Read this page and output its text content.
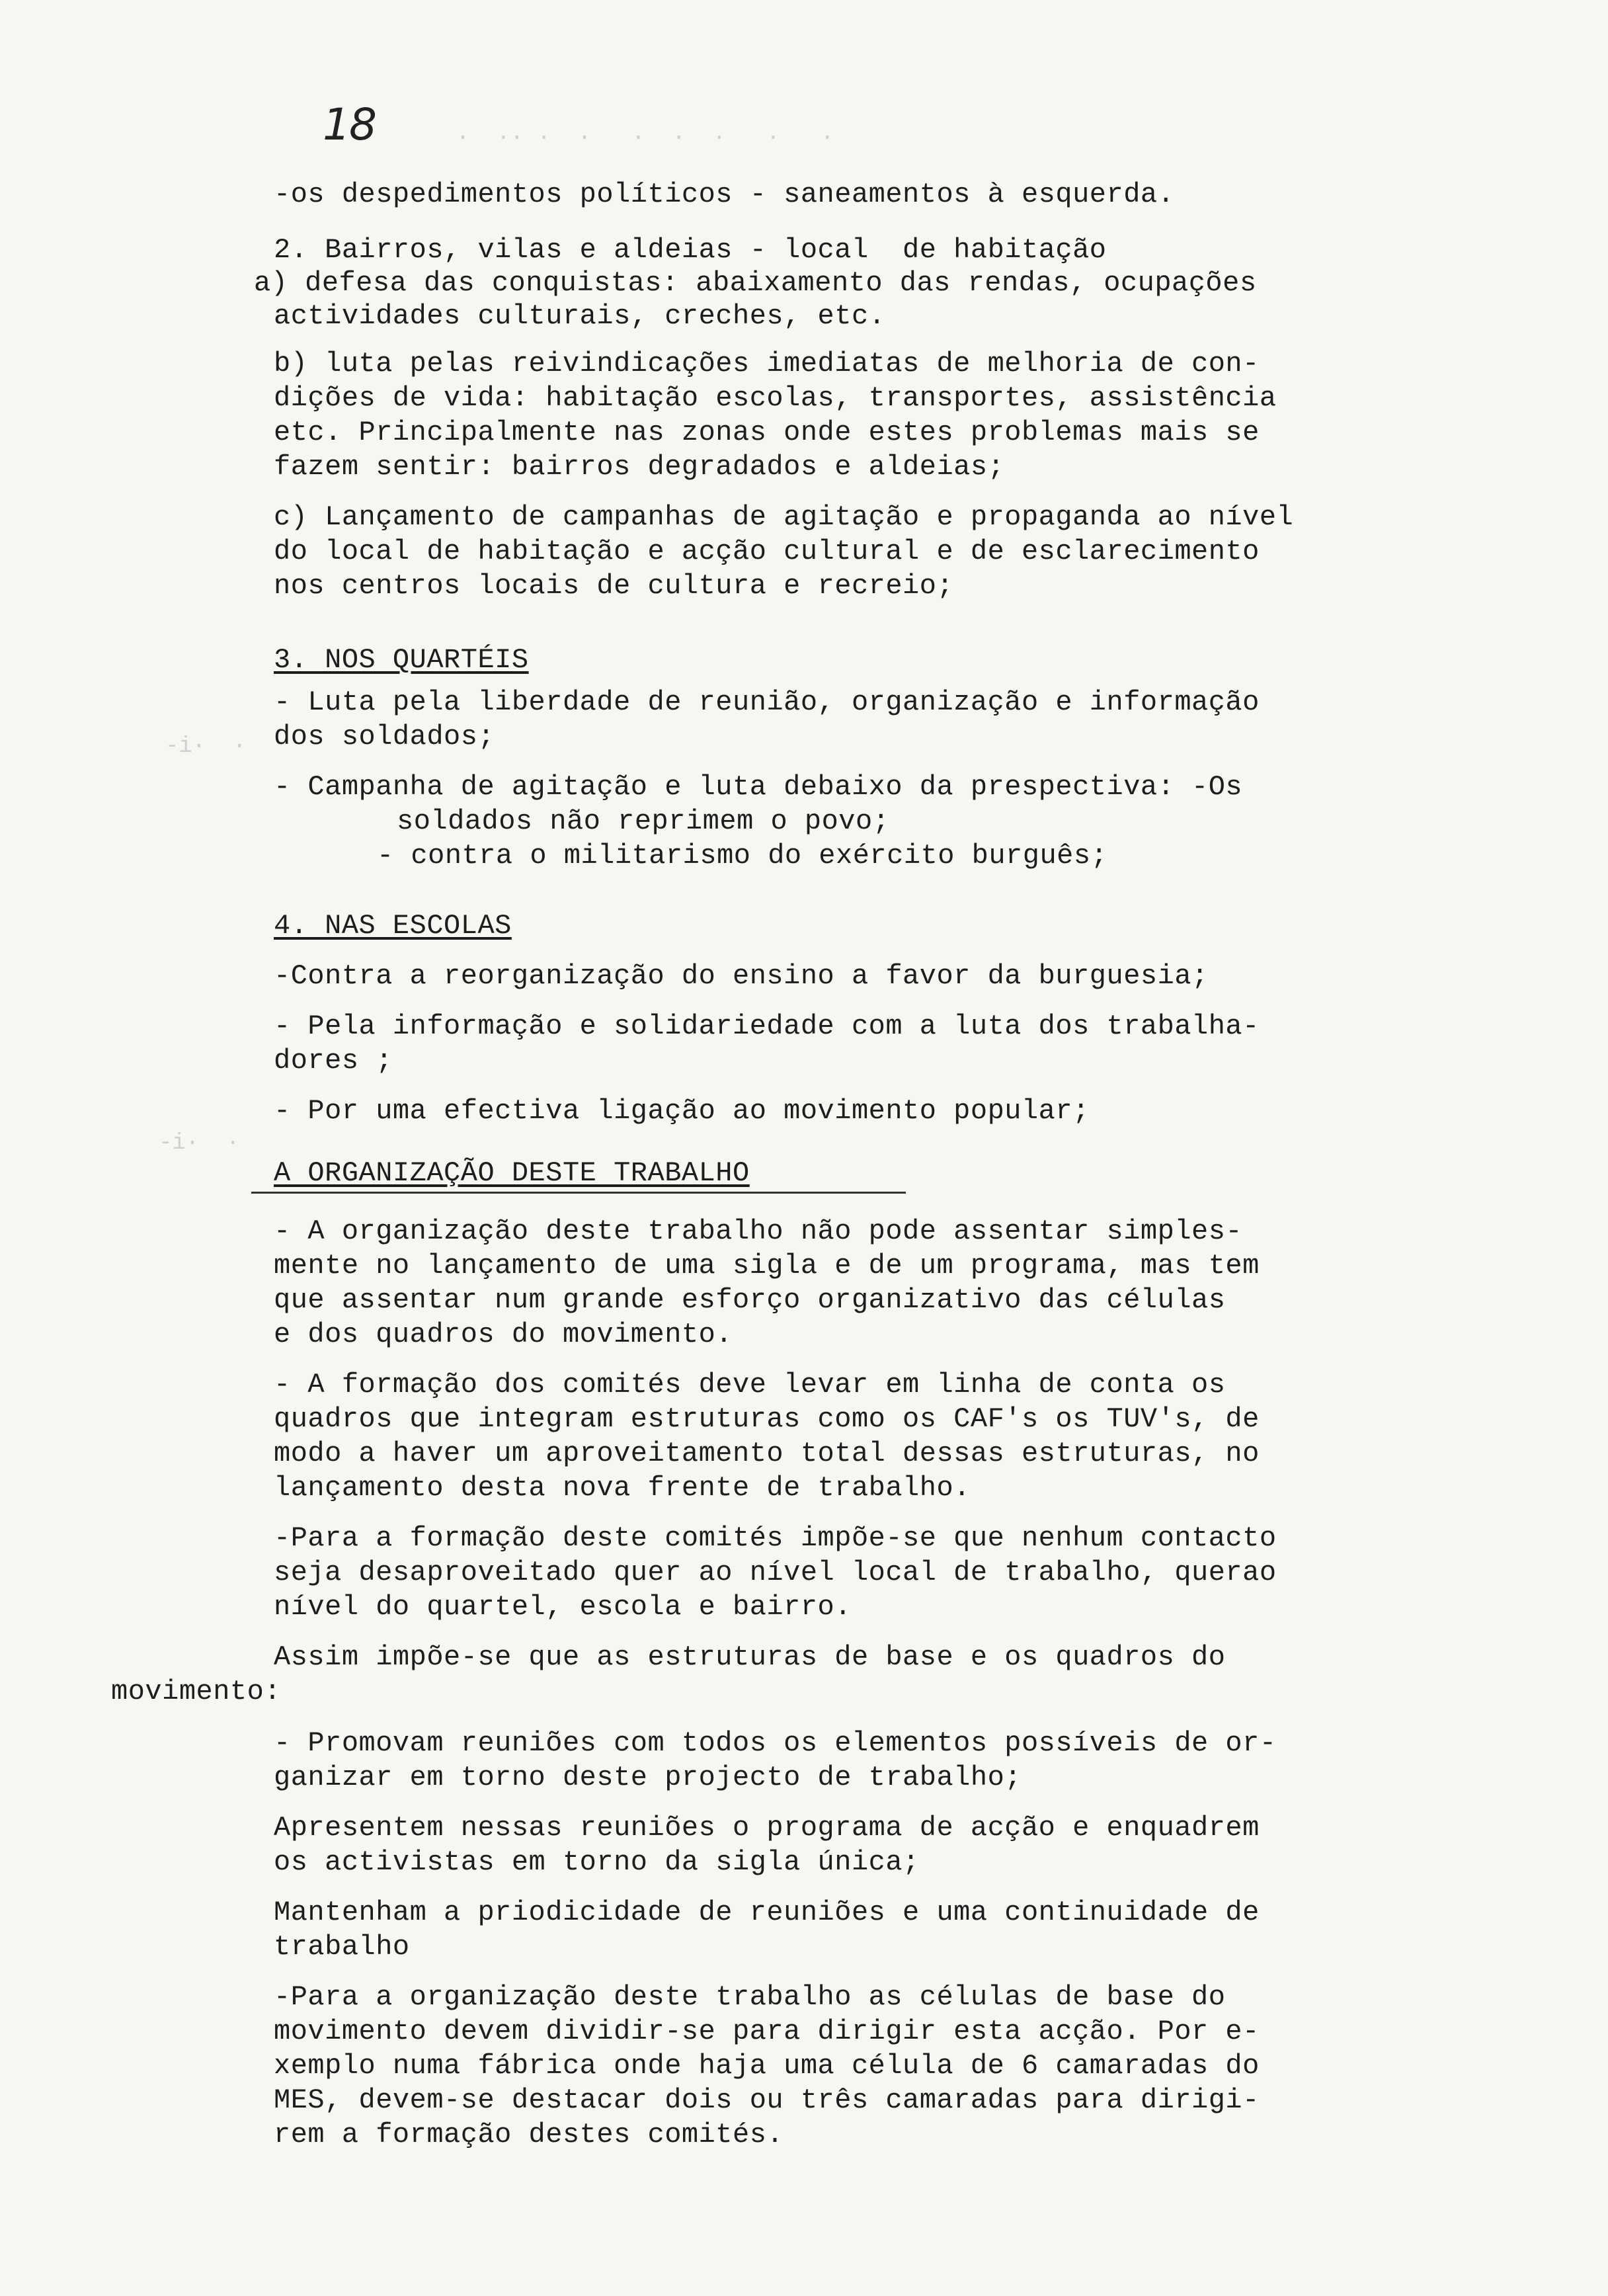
·  ·· ·  ·   ·  ·  ·   ·   ·
-i·  ·
-i·  ·
18

-os despedimentos políticos - saneamentos à esquerda.

2. Bairros, vilas e aldeias - local  de habitação

a) defesa das conquistas: abaixamento das rendas, ocupações

actividades culturais, creches, etc.

b) luta pelas reivindicações imediatas de melhoria de con-

dições de vida: habitação escolas, transportes, assistência

etc. Principalmente nas zonas onde estes problemas mais se

fazem sentir: bairros degradados e aldeias;

c) Lançamento de campanhas de agitação e propaganda ao nível

do local de habitação e acção cultural e de esclarecimento

nos centros locais de cultura e recreio;

3. NOS QUARTÉIS

- Luta pela liberdade de reunião, organização e informação

dos soldados;

- Campanha de agitação e luta debaixo da prespectiva: -Os

soldados não reprimem o povo;

- contra o militarismo do exército burguês;

4. NAS ESCOLAS

-Contra a reorganização do ensino a favor da burguesia;

- Pela informação e solidariedade com a luta dos trabalha-

dores ;

- Por uma efectiva ligação ao movimento popular;

A ORGANIZAÇÃO DESTE TRABALHO

- A organização deste trabalho não pode assentar simples-

mente no lançamento de uma sigla e de um programa, mas tem

que assentar num grande esforço organizativo das células

e dos quadros do movimento.

- A formação dos comités deve levar em linha de conta os

quadros que integram estruturas como os CAF's os TUV's, de

modo a haver um aproveitamento total dessas estruturas, no

lançamento desta nova frente de trabalho.

-Para a formação deste comités impõe-se que nenhum contacto

seja desaproveitado quer ao nível local de trabalho, querao

nível do quartel, escola e bairro.

Assim impõe-se que as estruturas de base e os quadros do

movimento:

- Promovam reuniões com todos os elementos possíveis de or-

ganizar em torno deste projecto de trabalho;

Apresentem nessas reuniões o programa de acção e enquadrem

os activistas em torno da sigla única;

Mantenham a priodicidade de reuniões e uma continuidade de

trabalho

-Para a organização deste trabalho as células de base do

movimento devem dividir-se para dirigir esta acção. Por e-

xemplo numa fábrica onde haja uma célula de 6 camaradas do

MES, devem-se destacar dois ou três camaradas para dirigi-

rem a formação destes comités.
